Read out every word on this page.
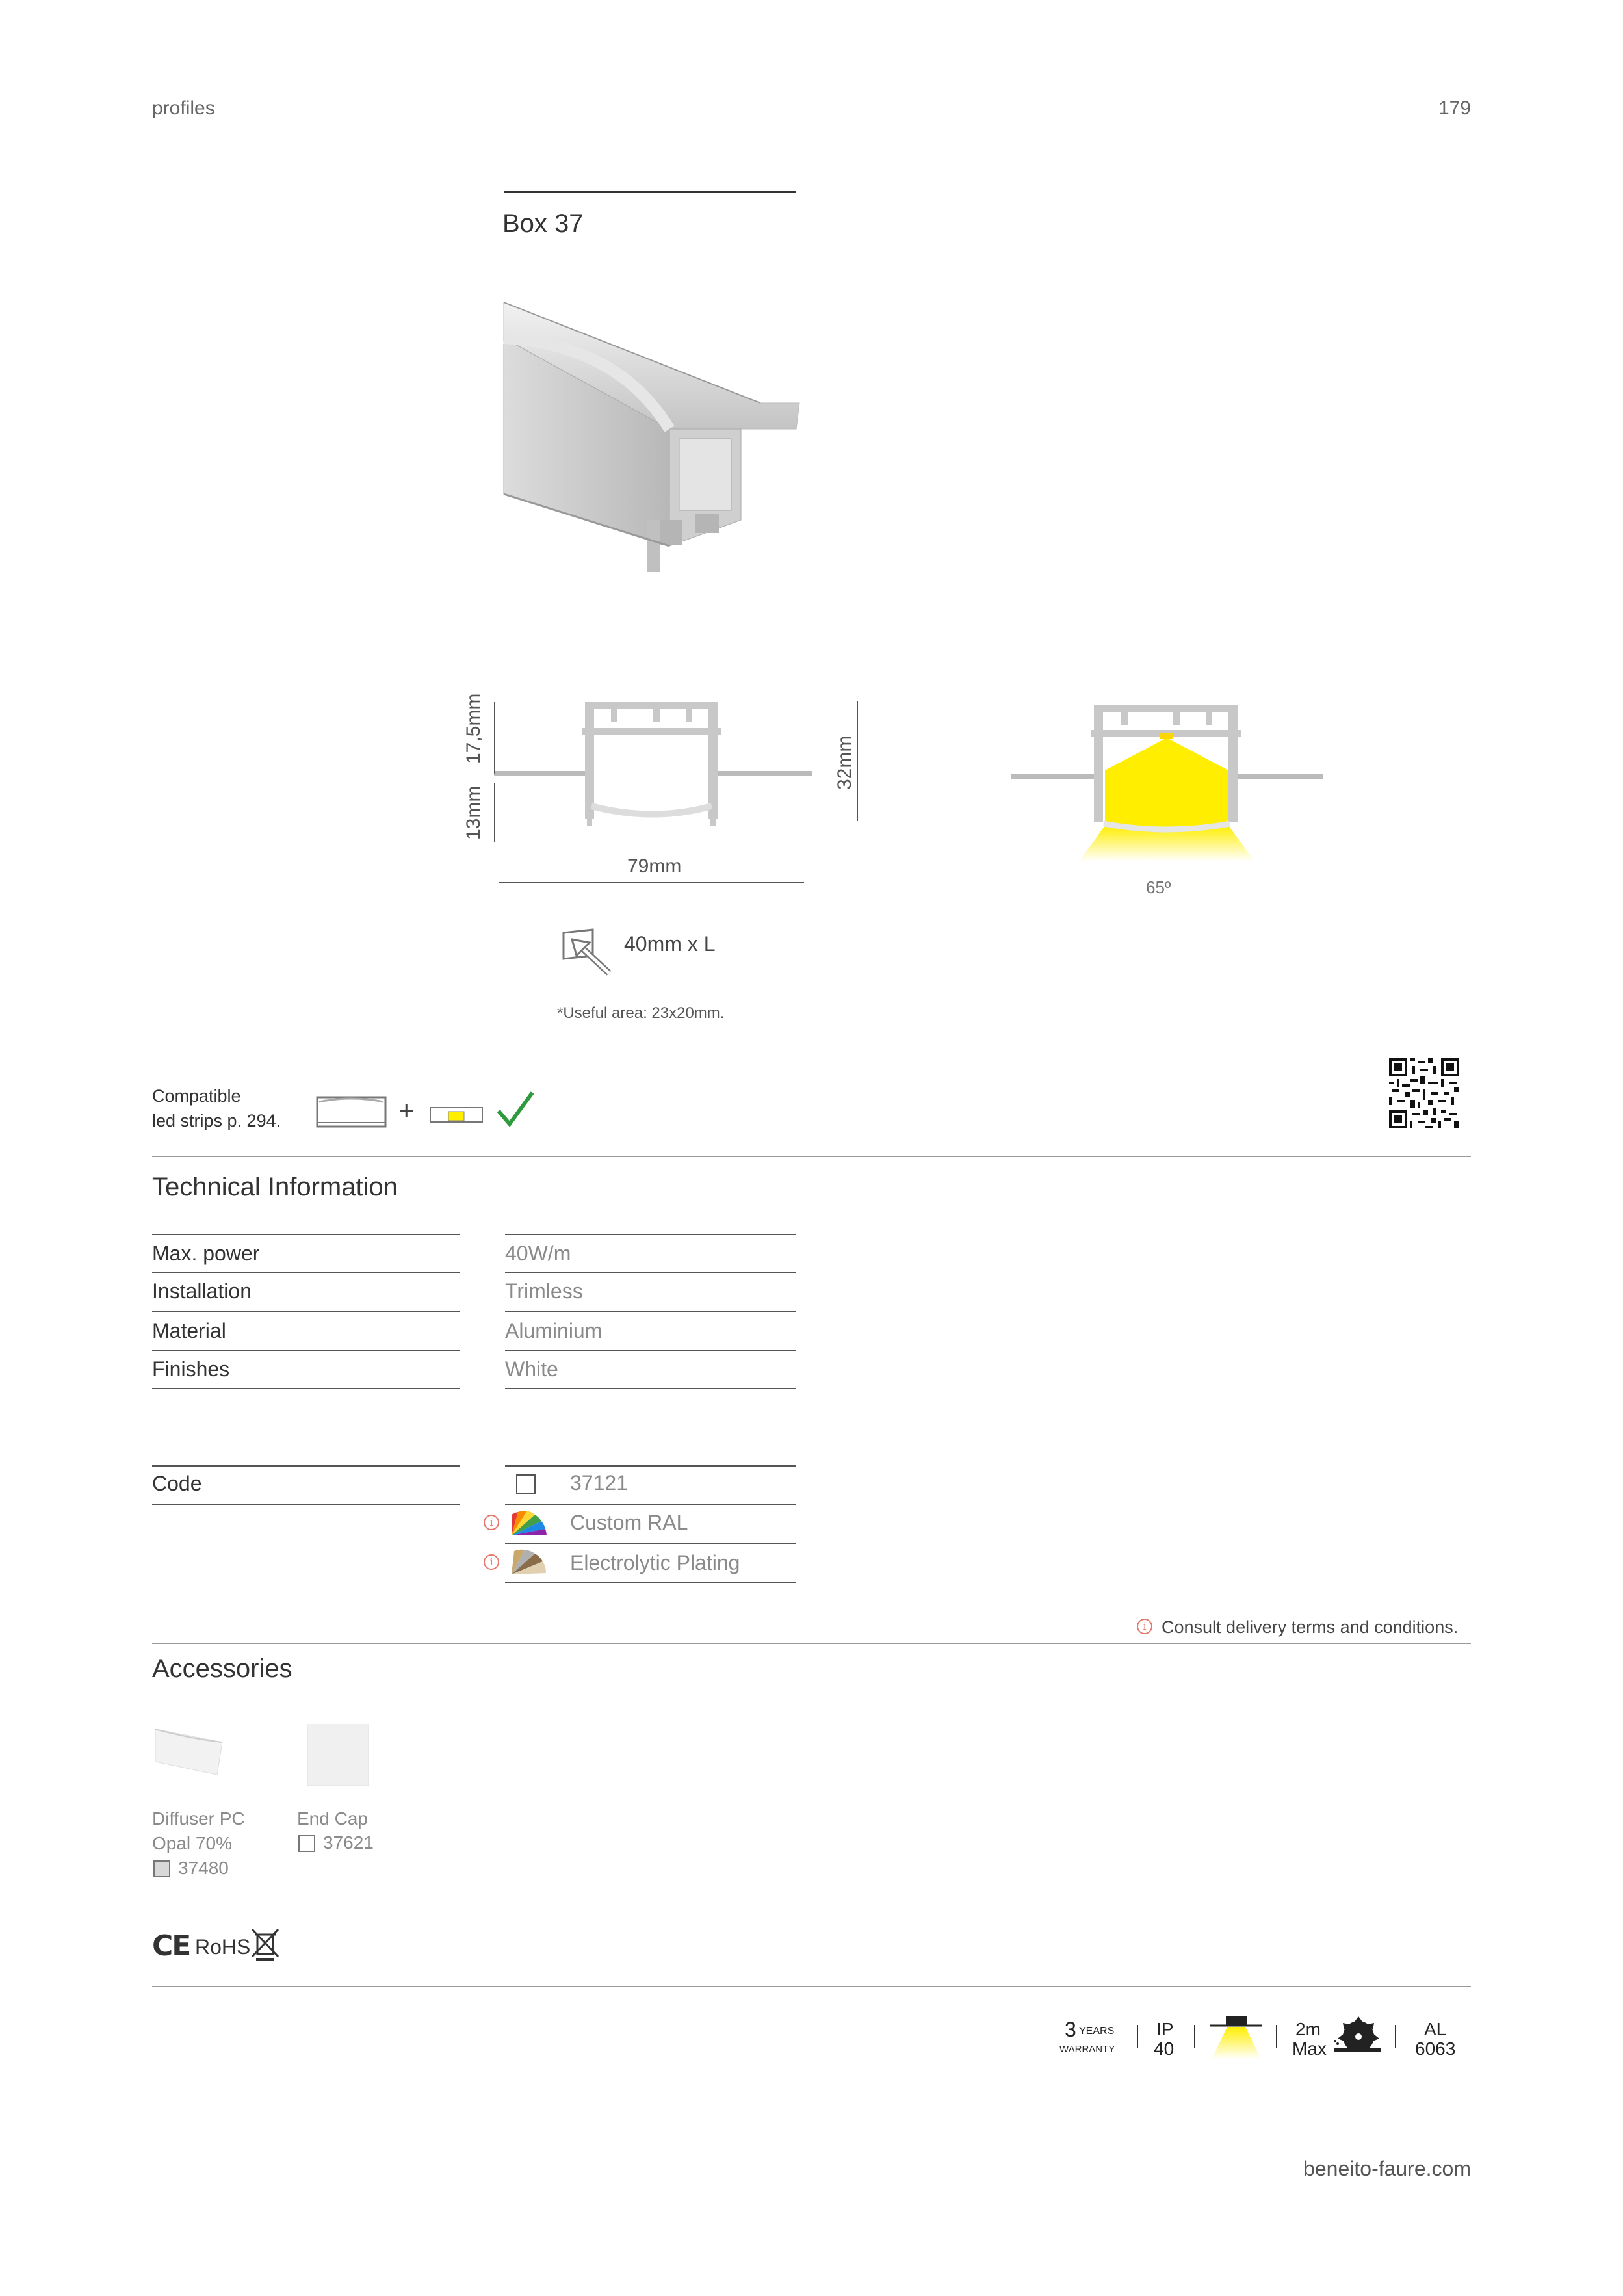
profiles	179
Box 37
17,5mm
13mm
32mm
79mm
40mm x L
*Useful area: 23x20mm.
65º
Compatible
led strips p. 294.	+
Technical Information
Max. power	40W/m
Installation	Trimless
Material	Aluminium
Finishes	White
Code	37121
i	Custom RAL
i	Electrolytic Plating
i Consult delivery terms and conditions.
Accessories
Diffuser PC
Opal 70%
37480
End Cap
37621
CE RoHS
3 YEARS
WARRANTY
IP
40
2m
Max
AL
6063
beneito-faure.com
